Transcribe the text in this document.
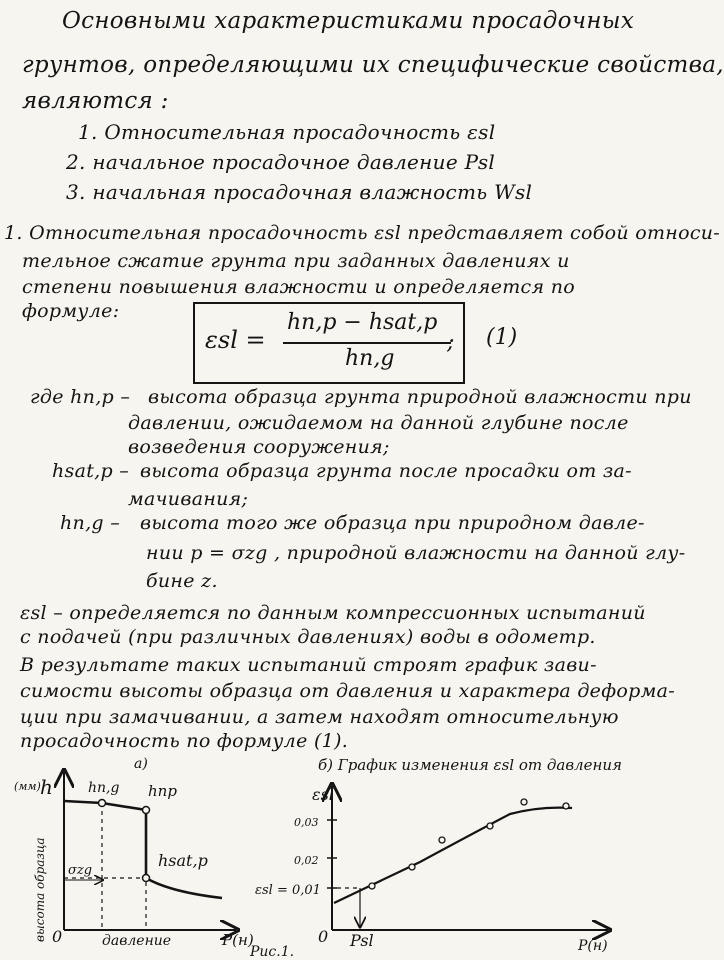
Основными характеристиками просадочных
грунтов, определяющими их специфические свойства,
являются :
1. Относительная просадочность εsl
2. начальное просадочное давление Psl
3. начальная просадочная влажность Wsl
1. Относительная просадочность εsl представляет собой относи-
тельное сжатие грунта при заданных давлениях и
степени повышения влажности и определяется по
формуле:
εsl =
hn,p − hsat,p
hn,g
; (1)
где hn,p – высота образца грунта природной влажности при
давлении, ожидаемом на данной глубине после
возведения сооружения;
hsat,p – высота образца грунта после просадки от за-
мачивания;
hn,g – высота того же образца при природном давле-
нии p = σzg , природной влажности на данной глу-
бине z.
εsl – определяется по данным компрессионных испытаний
с подачей (при различных давлениях) воды в одометр.
В результате таких испытаний строят график зави-
симости высоты образца от давления и характера деформа-
ции при замачивании, а затем находят относительную
просадочность по формуле (1).
(мм) h	hn,g hnp
а)
hsat,p
σzg
высота образца	давление
0	P(н)
б) График изменения εsl от давления
εsl
0,03
0,02
εsl = 0,01
0 Psl	P(н)
Рис.1.
